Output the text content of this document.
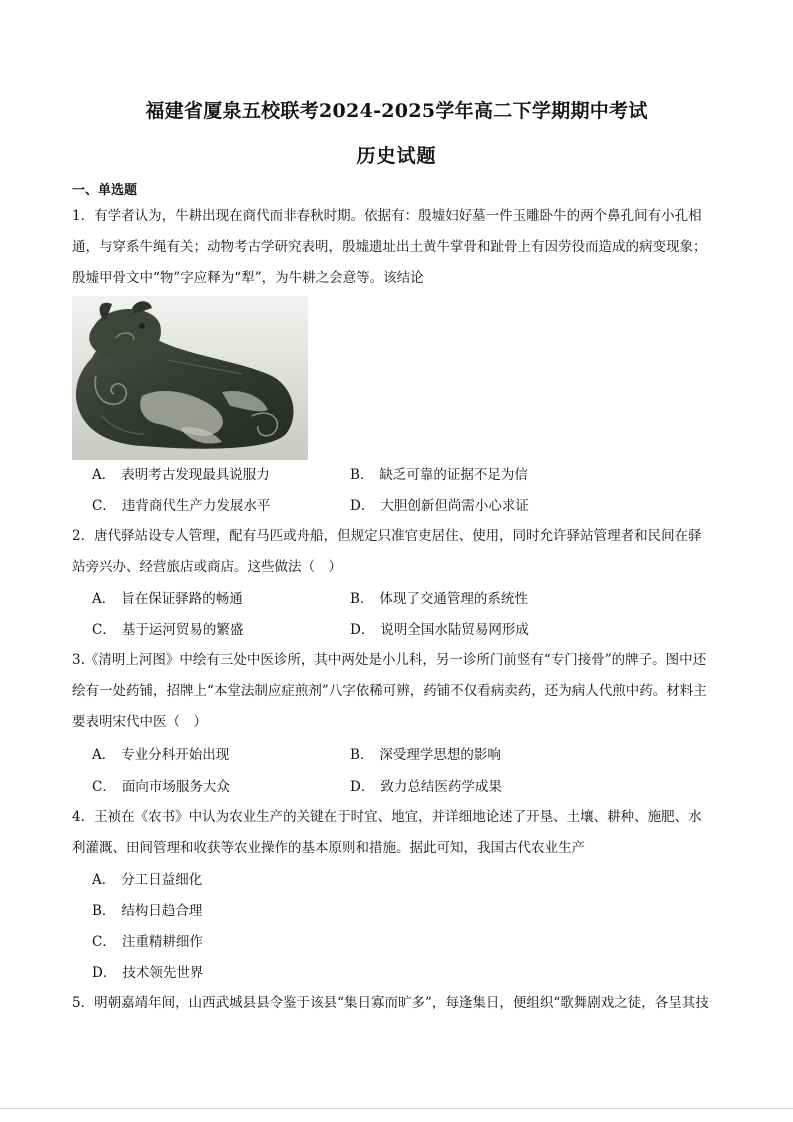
福建省厦泉五校联考2024-2025学年高二下学期期中考试
历史试题
一、单选题
1．有学者认为，牛耕出现在商代而非春秋时期。依据有：殷墟妇好墓一件玉雕卧牛的两个鼻孔间有小孔相
通，与穿系牛绳有关；动物考古学研究表明，殷墟遗址出土黄牛掌骨和趾骨上有因劳役而造成的病变现象；
殷墟甲骨文中“物”字应释为“犁”，为牛耕之会意等。该结论
A． 表明考古发现最具说服力	B． 缺乏可靠的证据不足为信
C． 违背商代生产力发展水平	D． 大胆创新但尚需小心求证
2．唐代驿站设专人管理，配有马匹或舟船，但规定只准官吏居住、使用，同时允许驿站管理者和民间在驿
站旁兴办、经营旅店或商店。这些做法（　）
A． 旨在保证驿路的畅通	B． 体现了交通管理的系统性
C． 基于运河贸易的繁盛	D． 说明全国水陆贸易网形成
3.《清明上河图》中绘有三处中医诊所，其中两处是小儿科，另一诊所门前竖有“专门接骨”的牌子。图中还
绘有一处药铺，招牌上“本堂法制应症煎剂”八字依稀可辨，药铺不仅看病卖药，还为病人代煎中药。材料主
要表明宋代中医（　）
A． 专业分科开始出现	B． 深受理学思想的影响
C． 面向市场服务大众	D． 致力总结医药学成果
4．王祯在《农书》中认为农业生产的关键在于时宜、地宜，并详细地论述了开垦、土壤、耕种、施肥、水
利灌溉、田间管理和收获等农业操作的基本原则和措施。据此可知，我国古代农业生产
A． 分工日益细化
B． 结构日趋合理
C． 注重精耕细作
D． 技术领先世界
5．明朝嘉靖年间，山西武城县县令鉴于该县“集日寡而旷多”，每逢集日，便组织“歌舞剧戏之徒，各呈其技
